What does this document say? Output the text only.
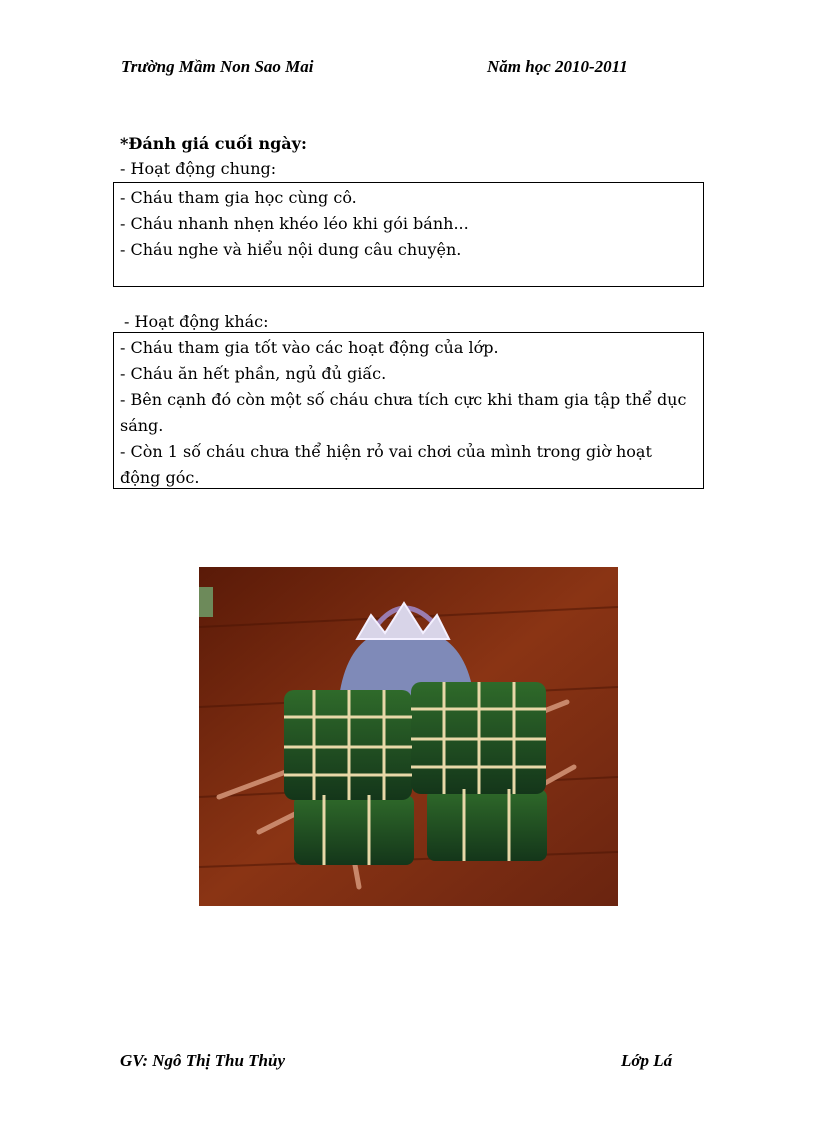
Trường Mầm Non Sao Mai	Năm học 2010-2011
*Đánh giá cuối ngày:
- Hoạt động chung:

- Cháu tham gia học cùng cô.

- Cháu nhanh nhẹn khéo léo khi gói bánh...

- Cháu nghe và hiểu nội dung câu chuyện.

- Hoạt động khác:

- Cháu tham gia tốt vào các hoạt động của lớp.

- Cháu ăn hết phần, ngủ đủ giấc.

- Bên cạnh đó còn một số cháu chưa tích cực khi tham gia tập thể dục sáng.

- Còn 1 số cháu chưa thể hiện rỏ vai chơi của mình trong giờ hoạt động góc.

GV: Ngô Thị Thu Thủy	Lớp Lá
